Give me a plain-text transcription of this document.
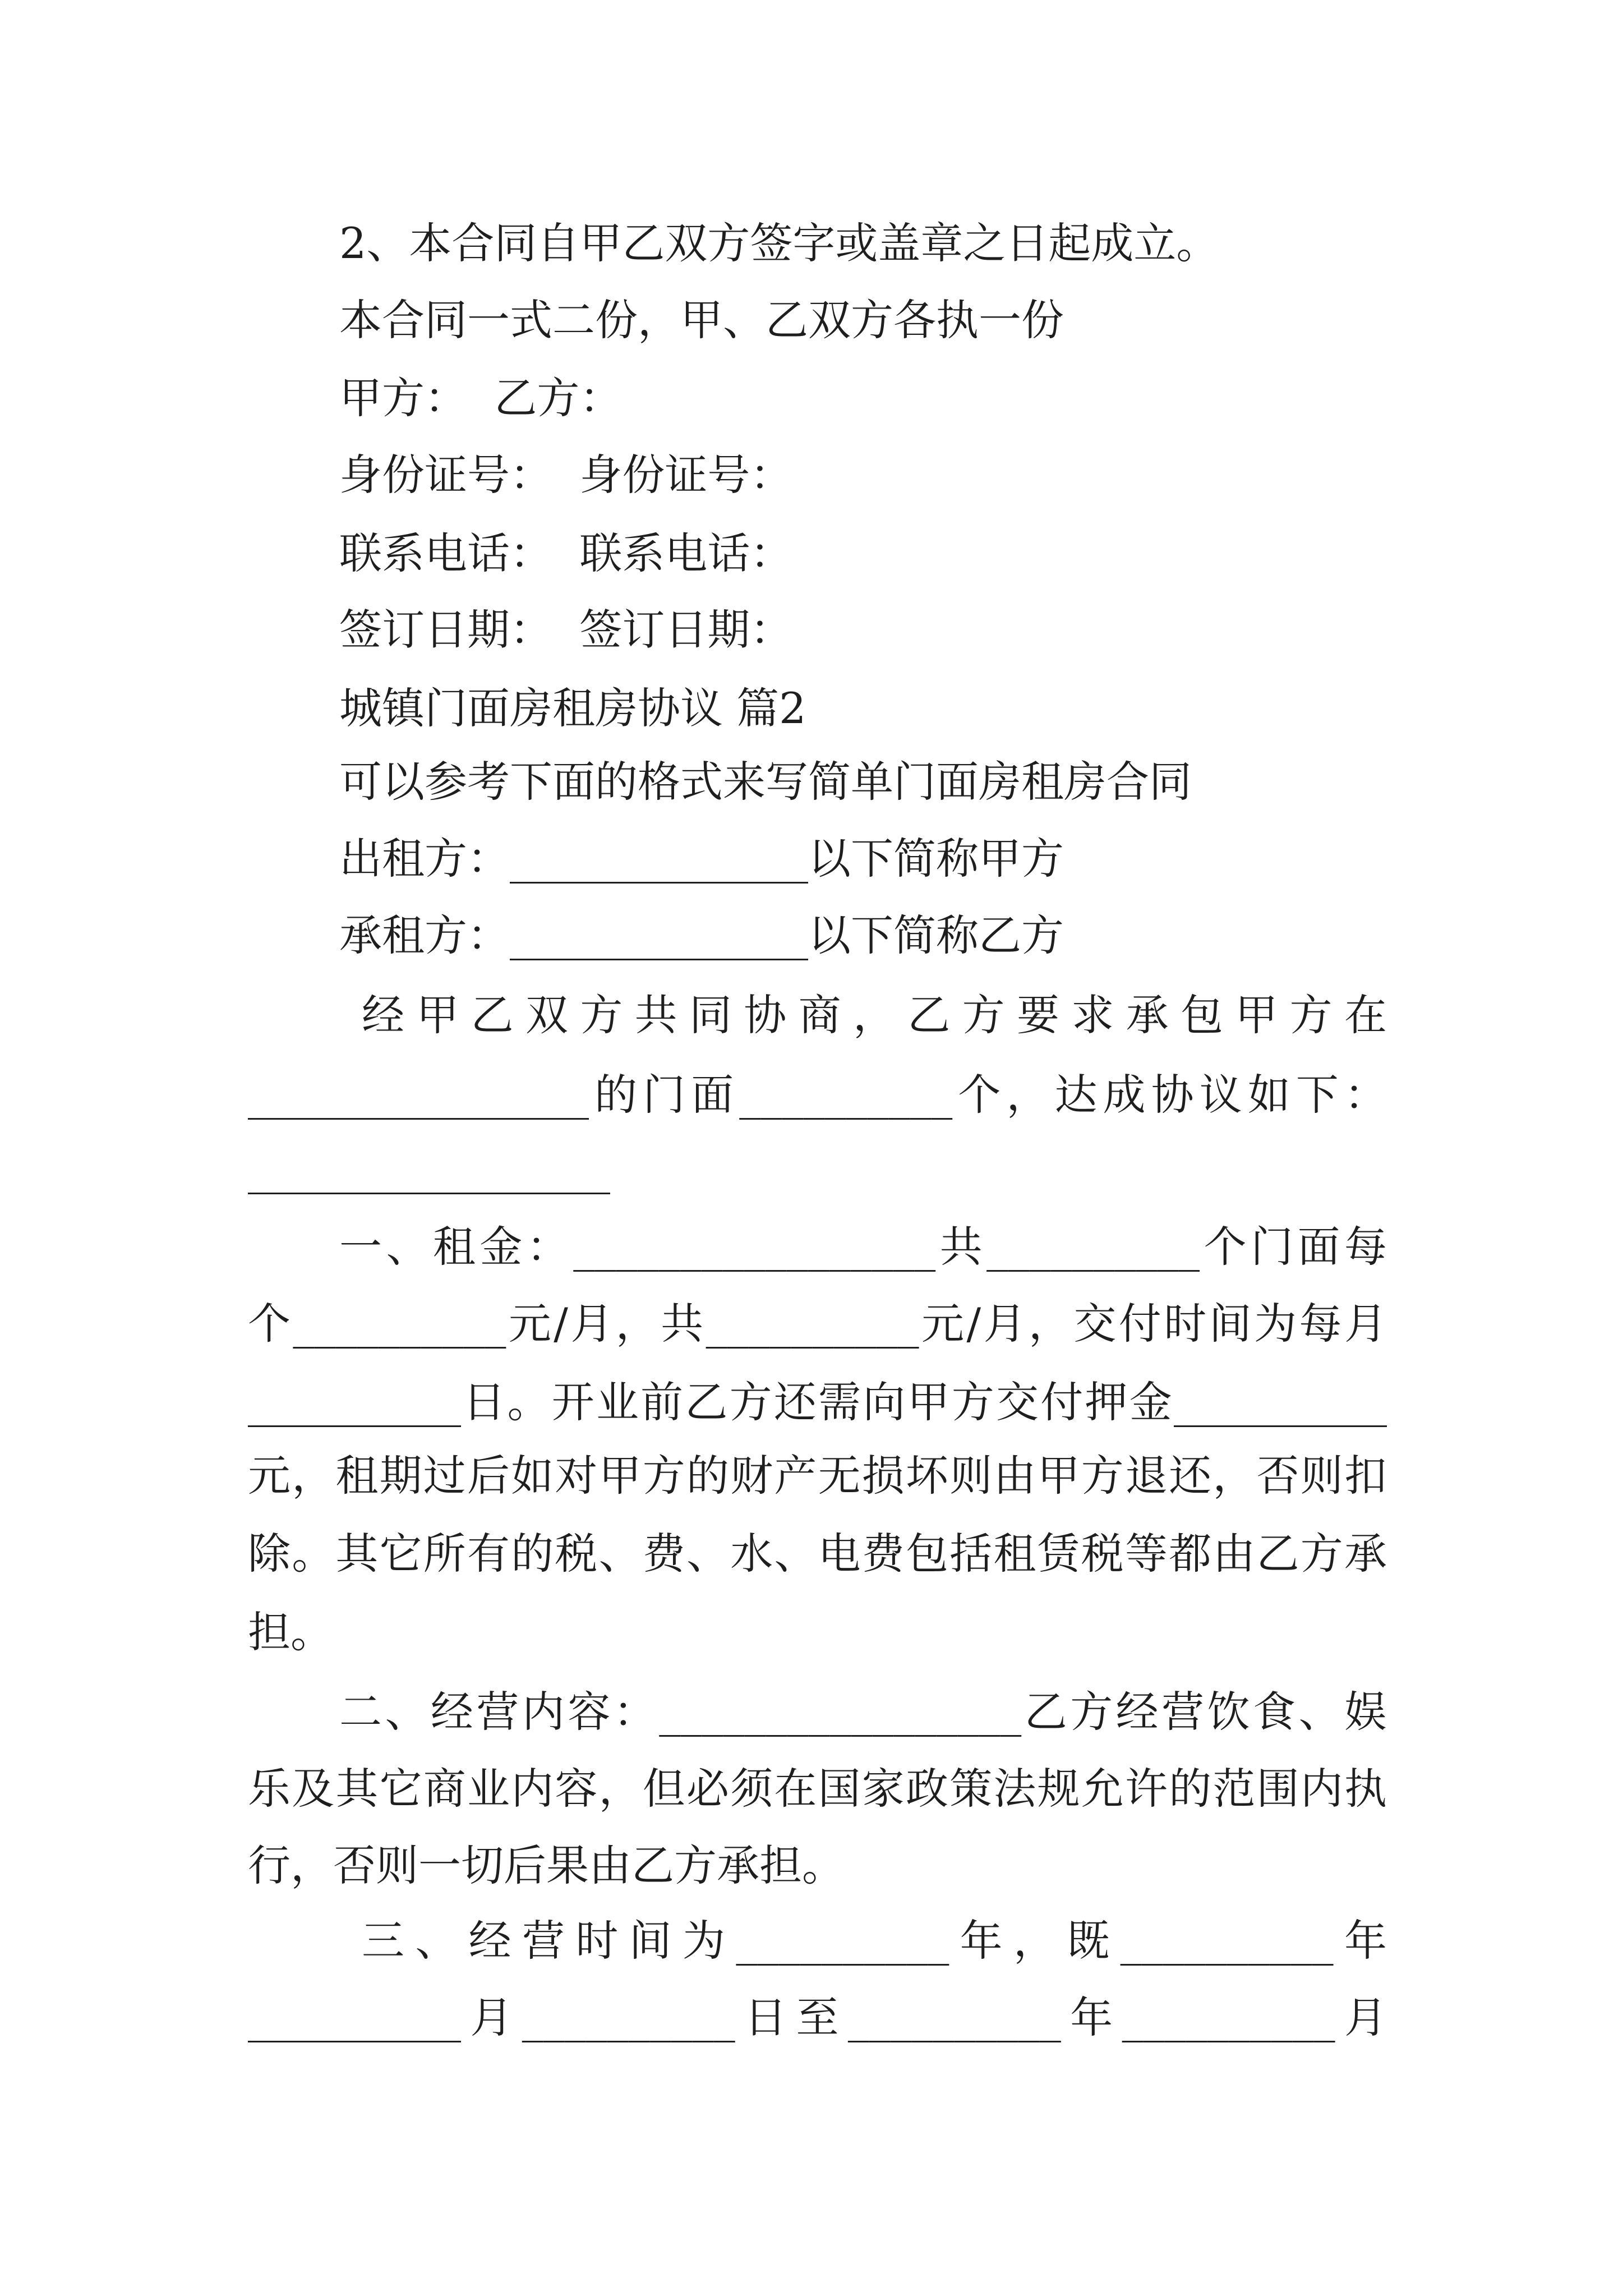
2、本合同自甲乙双方签字或盖章之日起成立。
本合同一式二份，甲、乙双方各执一份
甲方：  乙方：
身份证号：  身份证号：
联系电话：  联系电话：
签订日期：  签订日期：
城镇门面房租房协议 篇2
可以参考下面的格式来写简单门面房租房合同
出租方：______________以下简称甲方
承租方：______________以下简称乙方
经甲乙双方共同协商，乙方要求承包甲方在
________________的门面__________个，达成协议如下：
_________________
一、租金：_________________共__________个门面每
个__________元/月，共__________元/月，交付时间为每月
__________日。开业前乙方还需向甲方交付押金__________
元，租期过后如对甲方的财产无损坏则由甲方退还，否则扣
除。其它所有的税、费、水、电费包括租赁税等都由乙方承
担。
二、经营内容：_________________乙方经营饮食、娱
乐及其它商业内容，但必须在国家政策法规允许的范围内执
行，否则一切后果由乙方承担。
三、经营时间为__________年，既__________年
__________月__________日至__________年__________月
